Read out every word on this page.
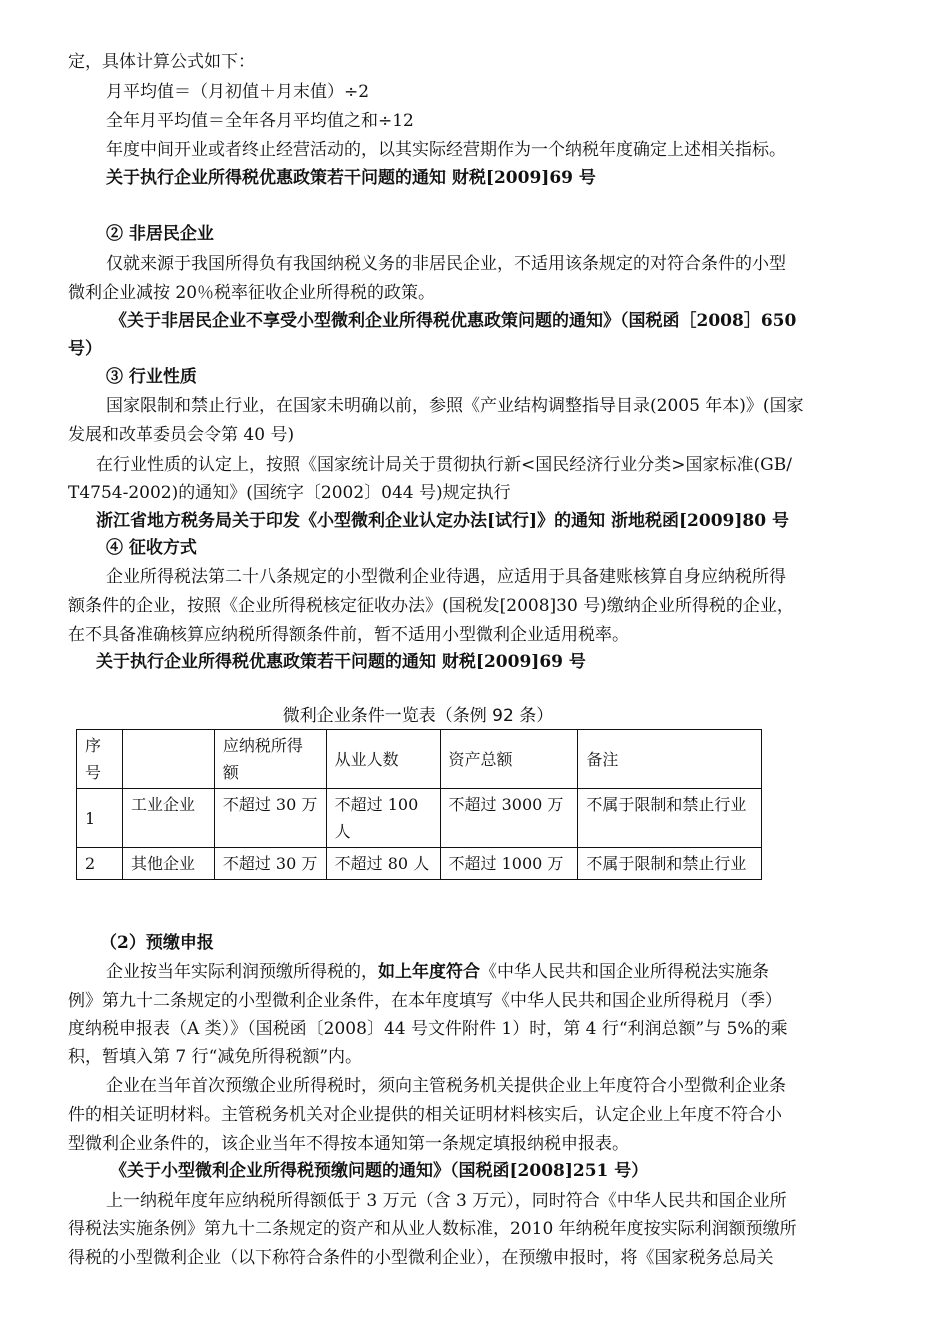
定，具体计算公式如下：
月平均值＝（月初值＋月末值）÷2
全年月平均值＝全年各月平均值之和÷12
年度中间开业或者终止经营活动的，以其实际经营期作为一个纳税年度确定上述相关指标。
关于执行企业所得税优惠政策若干问题的通知 财税[2009]69 号
② 非居民企业
仅就来源于我国所得负有我国纳税义务的非居民企业，不适用该条规定的对符合条件的小型
微利企业减按 20％税率征收企业所得税的政策。
《关于非居民企业不享受小型微利企业所得税优惠政策问题的通知》（国税函［2008］650
号）
③ 行业性质
国家限制和禁止行业，在国家未明确以前，参照《产业结构调整指导目录(2005 年本)》(国家
发展和改革委员会令第 40 号)
在行业性质的认定上，按照《国家统计局关于贯彻执行新<国民经济行业分类>国家标准(GB/
T4754-2002)的通知》(国统字〔2002〕044 号)规定执行
浙江省地方税务局关于印发《小型微利企业认定办法[试行]》的通知 浙地税函[2009]80 号
④ 征收方式
企业所得税法第二十八条规定的小型微利企业待遇，应适用于具备建账核算自身应纳税所得
额条件的企业，按照《企业所得税核定征收办法》(国税发[2008]30 号)缴纳企业所得税的企业，
在不具备准确核算应纳税所得额条件前，暂不适用小型微利企业适用税率。
关于执行企业所得税优惠政策若干问题的通知 财税[2009]69 号
微利企业条件一览表（条例 92 条）
序号		应纳税所得额	从业人数	资产总额	备注
1	工业企业	不超过 30 万	不超过 100 人	不超过 3000 万	不属于限制和禁止行业
2	其他企业	不超过 30 万	不超过 80 人	不超过 1000 万	不属于限制和禁止行业
（2）预缴申报
企业按当年实际利润预缴所得税的，如上年度符合《中华人民共和国企业所得税法实施条
例》第九十二条规定的小型微利企业条件，在本年度填写《中华人民共和国企业所得税月（季）
度纳税申报表（A 类）》（国税函〔2008〕44 号文件附件 1）时，第 4 行“利润总额”与 5%的乘
积，暂填入第 7 行“减免所得税额”内。
企业在当年首次预缴企业所得税时，须向主管税务机关提供企业上年度符合小型微利企业条
件的相关证明材料。主管税务机关对企业提供的相关证明材料核实后，认定企业上年度不符合小
型微利企业条件的，该企业当年不得按本通知第一条规定填报纳税申报表。
《关于小型微利企业所得税预缴问题的通知》（国税函[2008]251 号）
上一纳税年度年应纳税所得额低于 3 万元（含 3 万元），同时符合《中华人民共和国企业所
得税法实施条例》第九十二条规定的资产和从业人数标准，2010 年纳税年度按实际利润额预缴所
得税的小型微利企业（以下称符合条件的小型微利企业），在预缴申报时，将《国家税务总局关
